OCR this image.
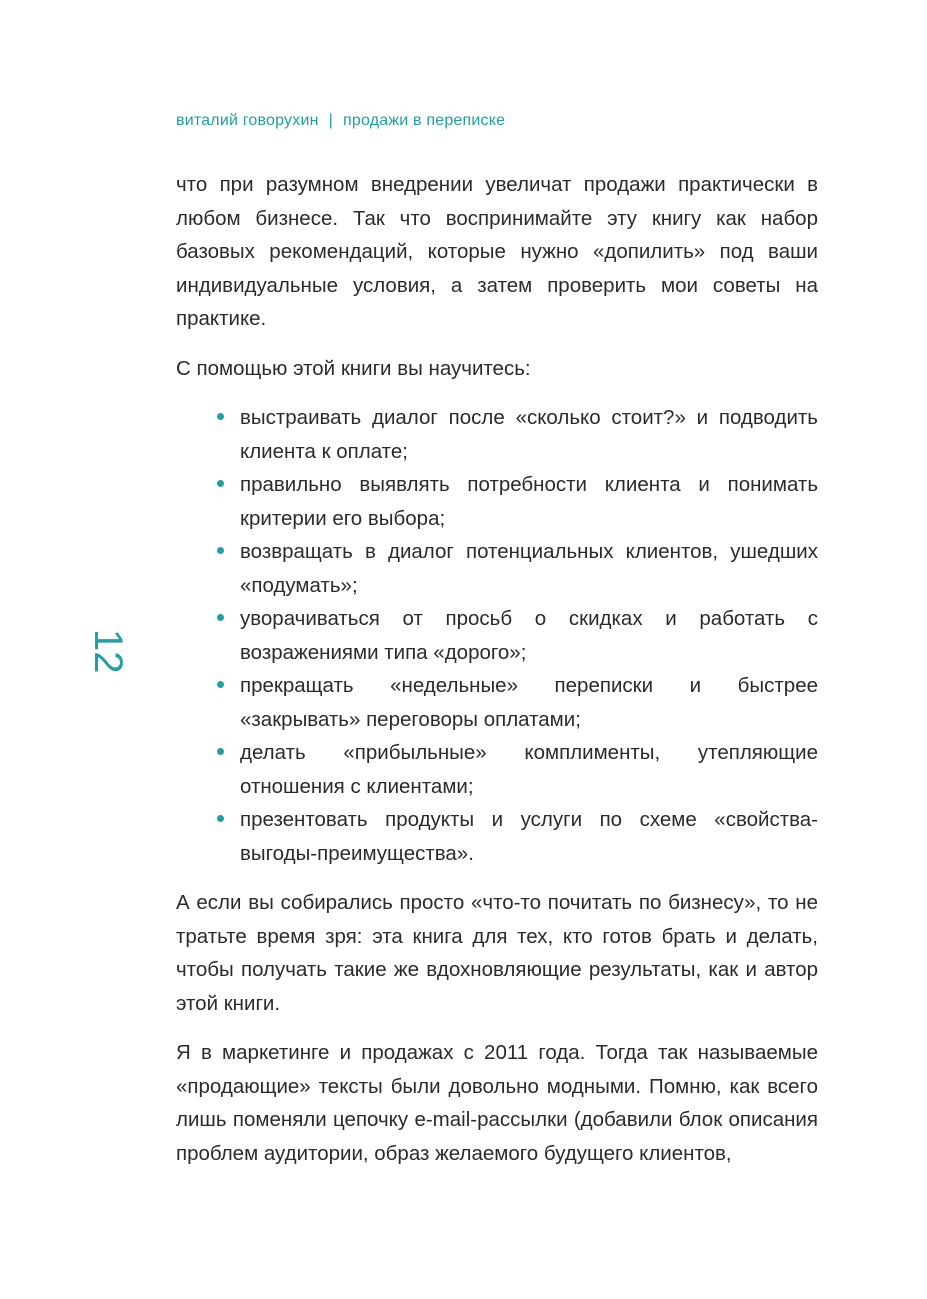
виталий говорухин | продажи в переписке
12

что при разумном внедрении увеличат продажи практически в любом бизнесе. Так что воспринимайте эту книгу как набор базовых рекомендаций, которые нужно «допилить» под ваши индивидуальные условия, а затем проверить мои советы на практике.

С помощью этой книги вы научитесь:

выстраивать диалог после «сколько стоит?» и подводить клиента к оплате;
правильно выявлять потребности клиента и понимать критерии его выбора;
возвращать в диалог потенциальных клиентов, ушедших «подумать»;
уворачиваться от просьб о скидках и работать с возражениями типа «дорого»;
прекращать «недельные» переписки и быстрее «закрывать» переговоры оплатами;
делать «прибыльные» комплименты, утепляющие отношения с клиентами;
презентовать продукты и услуги по схеме «свойства-выгоды-преимущества».

А если вы собирались просто «что-то почитать по бизнесу», то не тратьте время зря: эта книга для тех, кто готов брать и делать, чтобы получать такие же вдохновляющие результаты, как и автор этой книги.

Я в маркетинге и продажах с 2011 года. Тогда так называемые «продающие» тексты были довольно модными. Помню, как всего лишь поменяли цепочку e-mail-рассылки (добавили блок описания проблем аудитории, образ желаемого будущего клиентов,
